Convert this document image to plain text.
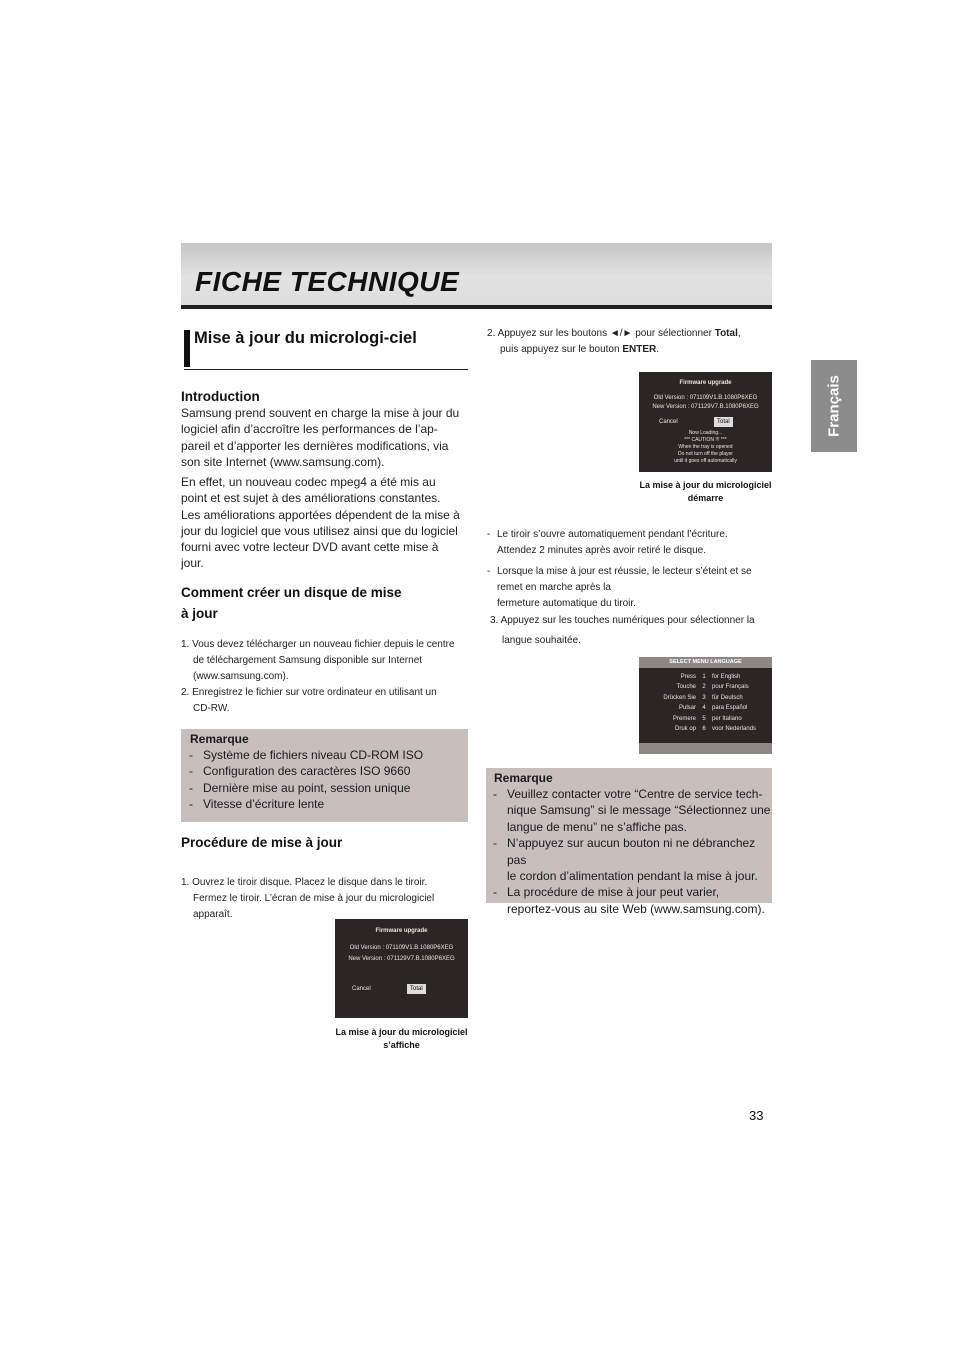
FICHE TECHNIQUE
Français
Mise à jour du micrologi-ciel
Introduction
Samsung prend souvent en charge la mise à jour du
logiciel afin d’accroître les performances de l’ap-
pareil et d’apporter les dernières modifications, via
son site Internet (www.samsung.com).
En effet, un nouveau codec mpeg4 a été mis au
point et est sujet à des améliorations constantes.
Les améliorations apportées dépendent de la mise à
jour du logiciel que vous utilisez ainsi que du logiciel
fourni avec votre lecteur DVD avant cette mise à
jour.
Comment créer un disque de mise
à jour
1. Vous devez télécharger un nouveau fichier depuis le centre
de téléchargement Samsung disponible sur Internet
(www.samsung.com).
2. Enregistrez le fichier sur votre ordinateur en utilisant un
CD-RW.
Remarque
- Système de fichiers niveau CD-ROM ISO
- Configuration des caractères ISO 9660
- Dernière mise au point, session unique
- Vitesse d’écriture lente
Procédure de mise à jour
1. Ouvrez le tiroir disque. Placez le disque dans le tiroir.
Fermez le tiroir. L’écran de mise à jour du micrologiciel
apparaît.
Firmware upgrade
Old Version : 071109V1.B.1080P6XEG
New Version : 071129V7.B.1080P6XEG
Cancel	Total
La mise à jour du micrologiciel
s’affiche
2. Appuyez sur les boutons ◄/► pour sélectionner Total,
puis appuyez sur le bouton ENTER.
Firmware upgrade
Old Version : 071109V1.B.1080P6XEG
New Version : 071129V7.B.1080P6XEG
Cancel	Total
Now Loading...
*** CAUTION !!! ***
When the tray is opened
Do not turn off the player
until it goes off automatically
La mise à jour du micrologiciel
démarre
- Le tiroir s’ouvre automatiquement pendant l’écriture.
Attendez 2 minutes après avoir retiré le disque.
- Lorsque la mise à jour est réussie, le lecteur s’éteint et se
remet en marche après la
fermeture automatique du tiroir.
3. Appuyez sur les touches numériques pour sélectionner la
langue souhaitée.
SELECT MENU LANGUAGE
Press	1	for English
Touche	2	pour Français
Drücken Sie	3	für Deutsch
Pulsar	4	para Español
Premere	5	per Italiano
Druk op	6	voor Nederlands
Remarque
- Veuillez contacter votre “Centre de service tech-
nique Samsung” si le message “Sélectionnez une
langue de menu” ne s’affiche pas.
- N’appuyez sur aucun bouton ni ne débranchez pas
le cordon d’alimentation pendant la mise à jour.
- La procédure de mise à jour peut varier,
reportez-vous au site Web (www.samsung.com).
33
